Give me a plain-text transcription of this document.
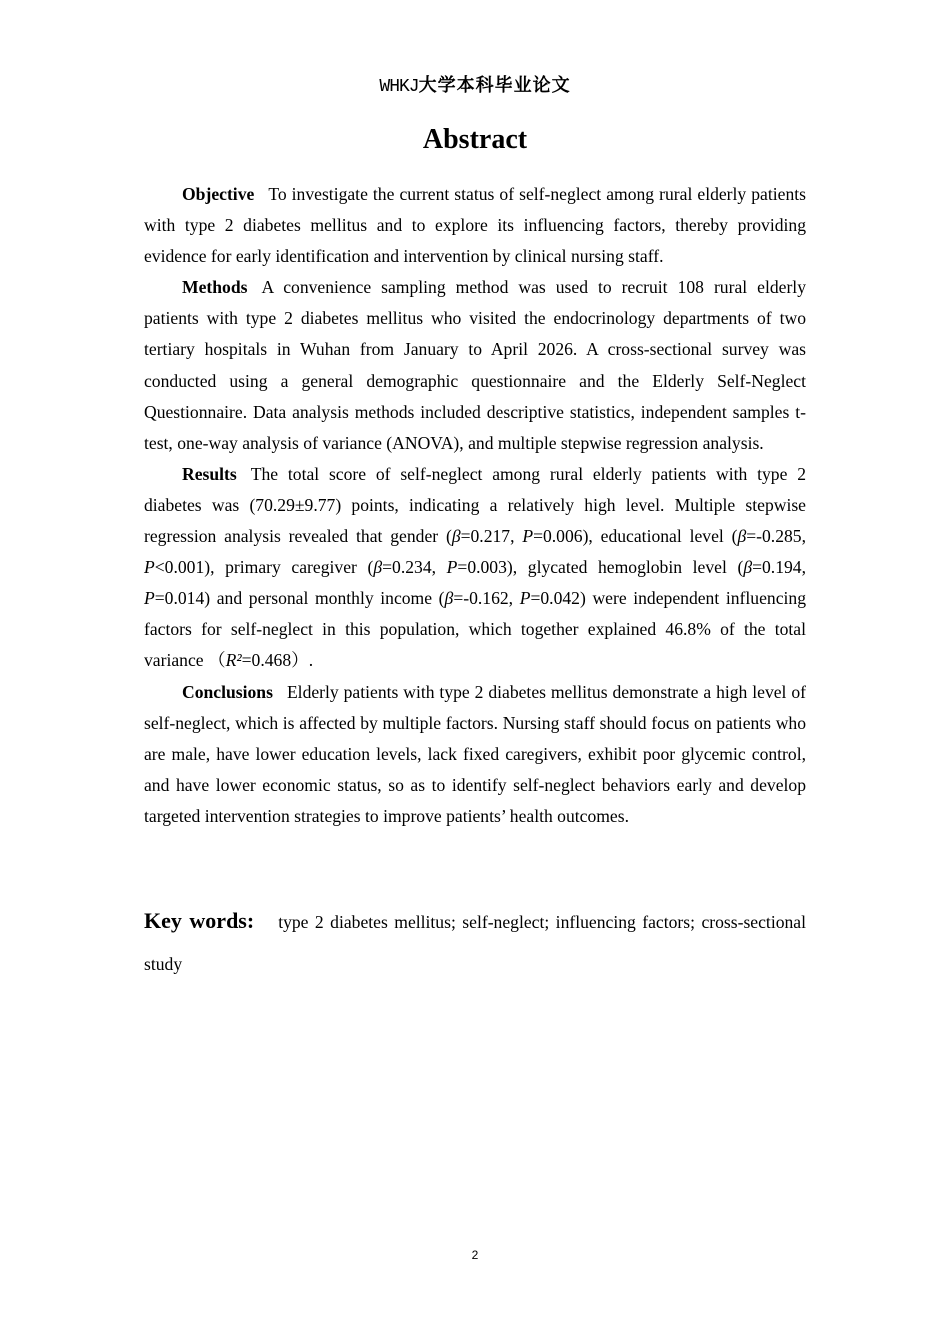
WHKJ大学本科毕业论文
Abstract

Objective To investigate the current status of self-neglect among rural elderly patients with type 2 diabetes mellitus and to explore its influencing factors, thereby providing evidence for early identification and intervention by clinical nursing staff.

Methods A convenience sampling method was used to recruit 108 rural elderly patients with type 2 diabetes mellitus who visited the endocrinology departments of two tertiary hospitals in Wuhan from January to April 2026. A cross-sectional survey was conducted using a general demographic questionnaire and the Elderly Self-Neglect Questionnaire. Data analysis methods included descriptive statistics, independent samples t-test, one-way analysis of variance (ANOVA), and multiple stepwise regression analysis.

Results The total score of self-neglect among rural elderly patients with type 2 diabetes was (70.29±9.77) points, indicating a relatively high level. Multiple stepwise regression analysis revealed that gender (β=0.217, P=0.006), educational level (β=-0.285, P<0.001), primary caregiver (β=0.234, P=0.003), glycated hemoglobin level (β=0.194, P=0.014) and personal monthly income (β=-0.162, P=0.042) were independent influencing factors for self-neglect in this population, which together explained 46.8% of the total variance （R²=0.468）.

Conclusions Elderly patients with type 2 diabetes mellitus demonstrate a high level of self-neglect, which is affected by multiple factors. Nursing staff should focus on patients who are male, have lower education levels, lack fixed caregivers, exhibit poor glycemic control, and have lower economic status, so as to identify self-neglect behaviors early and develop targeted intervention strategies to improve patients’ health outcomes.

Key words: type 2 diabetes mellitus; self-neglect; influencing factors; cross-sectional study

2
